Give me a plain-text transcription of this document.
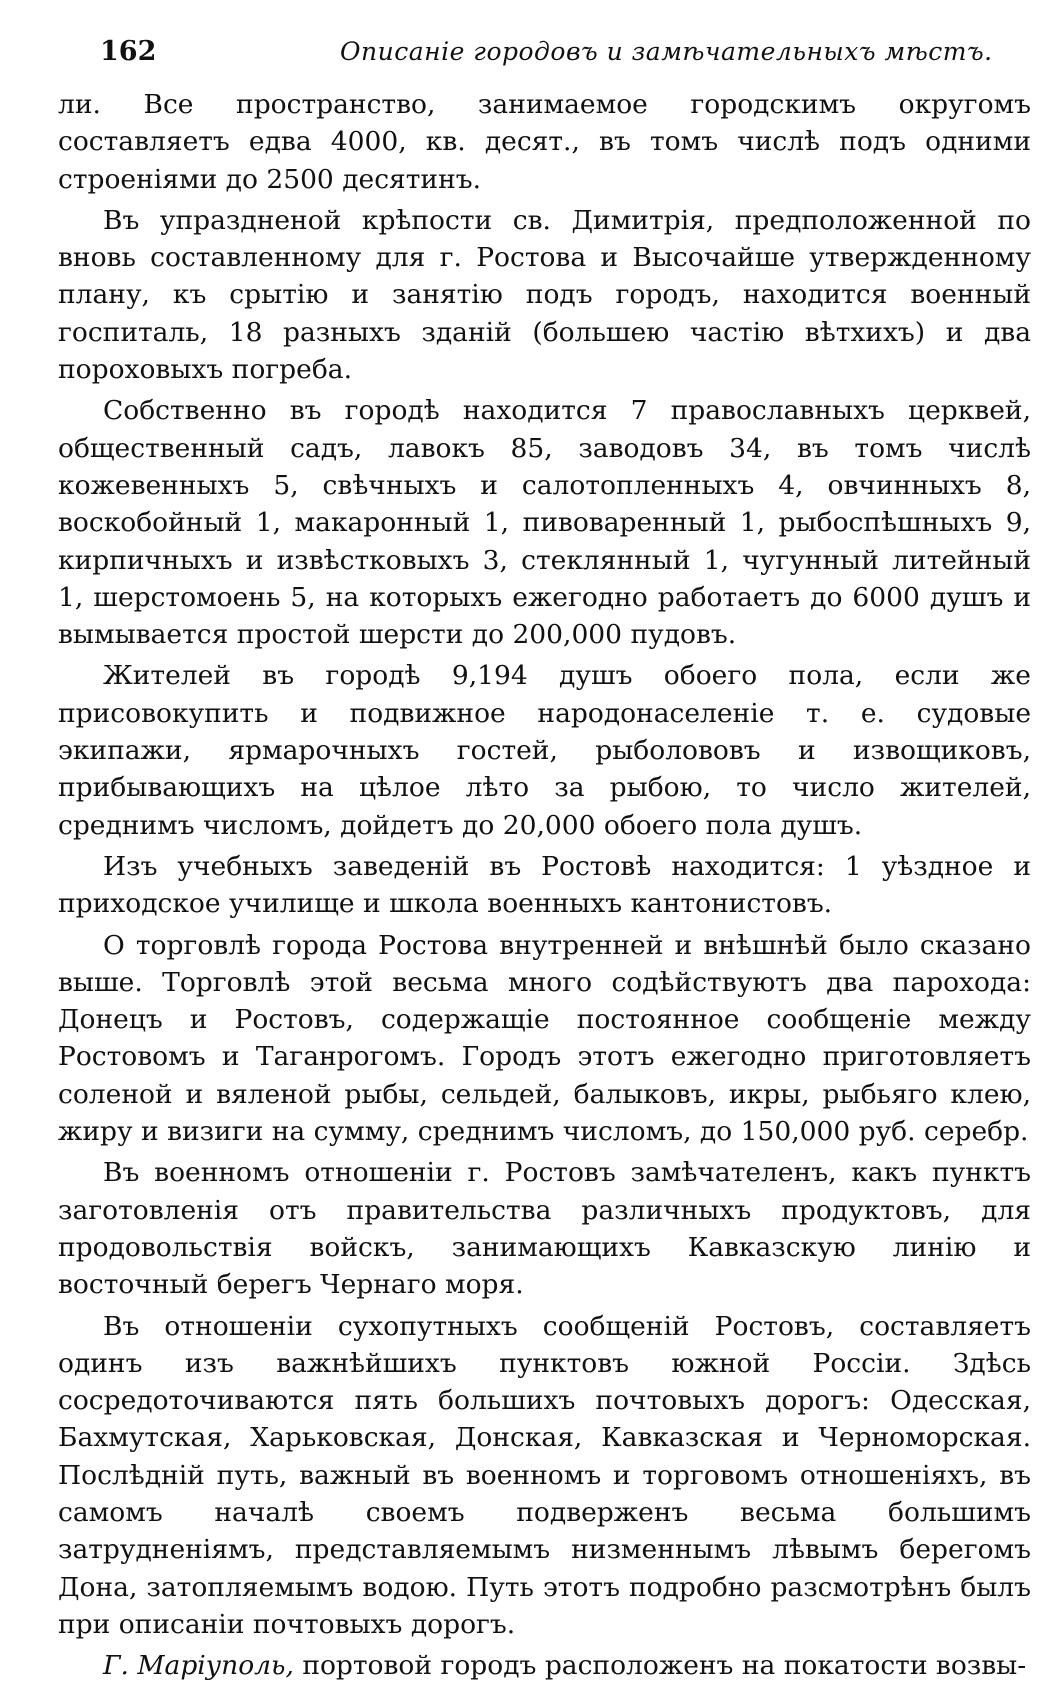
162	Описаніе городовъ и замѣчательныхъ мѣстъ.

ли. Все пространство, занимаемое городскимъ округомъ составляетъ едва 4000, кв. десят., въ томъ числѣ подъ одними строеніями до 2500 десятинъ.

Въ упраздненой крѣпости св. Димитрія, предположенной по вновь составленному для г. Ростова и Высочайше утвержденному плану, къ срытію и занятію подъ городъ, находится военный госпиталь, 18 разныхъ зданій (большею частію вѣтхихъ) и два пороховыхъ погреба.

Собственно въ городѣ находится 7 православныхъ церквей, общественный садъ, лавокъ 85, заводовъ 34, въ томъ числѣ кожевенныхъ 5, свѣчныхъ и салотопленныхъ 4, овчинныхъ 8, воскобойный 1, макаронный 1, пивоваренный 1, рыбоспѣшныхъ 9, кирпичныхъ и извѣстковыхъ 3, стеклянный 1, чугунный литейный 1, шерстомоень 5, на которыхъ ежегодно работаетъ до 6000 душъ и вымывается простой шерсти до 200,000 пудовъ.

Жителей въ городѣ 9,194 душъ обоего пола, если же присовокупить и подвижное народонаселеніе т. е. судовые экипажи, ярмарочныхъ гостей, рыболововъ и извощиковъ, прибывающихъ на цѣлое лѣто за рыбою, то число жителей, среднимъ числомъ, дойдетъ до 20,000 обоего пола душъ.

Изъ учебныхъ заведеній въ Ростовѣ находится: 1 уѣздное и приходское училище и школа военныхъ кантонистовъ.

О торговлѣ города Ростова внутренней и внѣшнѣй было сказано выше. Торговлѣ этой весьма много содѣйствуютъ два парохода: Донецъ и Ростовъ, содержащіе постоянное сообщеніе между Ростовомъ и Таганрогомъ. Городъ этотъ ежегодно приготовляетъ соленой и вяленой рыбы, сельдей, балыковъ, икры, рыбьяго клею, жиру и визиги на сумму, среднимъ числомъ, до 150,000 руб. серебр.

Въ военномъ отношеніи г. Ростовъ замѣчателенъ, какъ пунктъ заготовленія отъ правительства различныхъ продуктовъ, для продовольствія войскъ, занимающихъ Кавказскую линію и восточный берегъ Чернаго моря.

Въ отношеніи сухопутныхъ сообщеній Ростовъ, составляетъ одинъ изъ важнѣйшихъ пунктовъ южной Россіи. Здѣсь сосредоточиваются пять большихъ почтовыхъ дорогъ: Одесская, Бахмутская, Харьковская, Донская, Кавказская и Черноморская. Послѣдній путь, важный въ военномъ и торговомъ отношеніяхъ, въ самомъ началѣ своемъ подверженъ весьма большимъ затрудненіямъ, представляемымъ низменнымъ лѣвымъ берегомъ Дона, затопляемымъ водою. Путь этотъ подробно разсмотрѣнъ былъ при описаніи почтовыхъ дорогъ.

Г. Маріуполь, портовой городъ расположенъ на покатости возвы-
